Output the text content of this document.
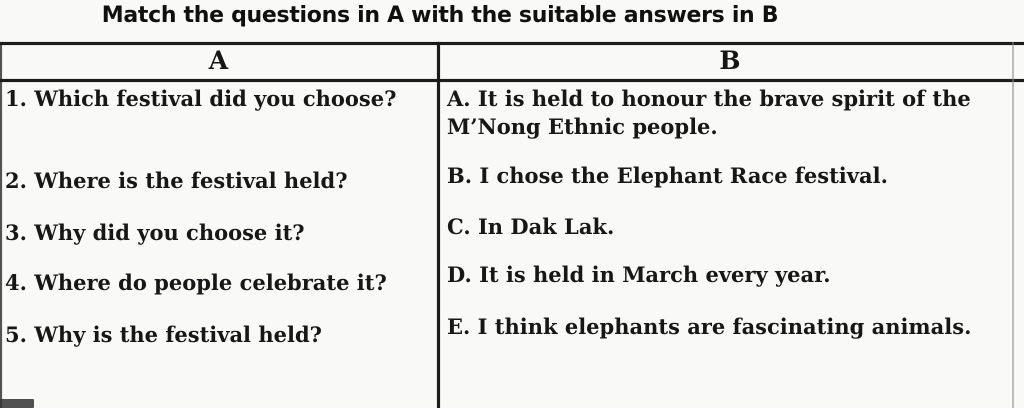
Match the questions in A with the suitable answers in B
A	B
1. Which festival did you choose?
2. Where is the festival held?
3. Why did you choose it?
4. Where do people celebrate it?
5. Why is the festival held?
A. It is held to honour the brave spirit of the M’Nong Ethnic people.
B. I chose the Elephant Race festival.
C. In Dak Lak.
D. It is held in March every year.
E. I think elephants are fascinating animals.
